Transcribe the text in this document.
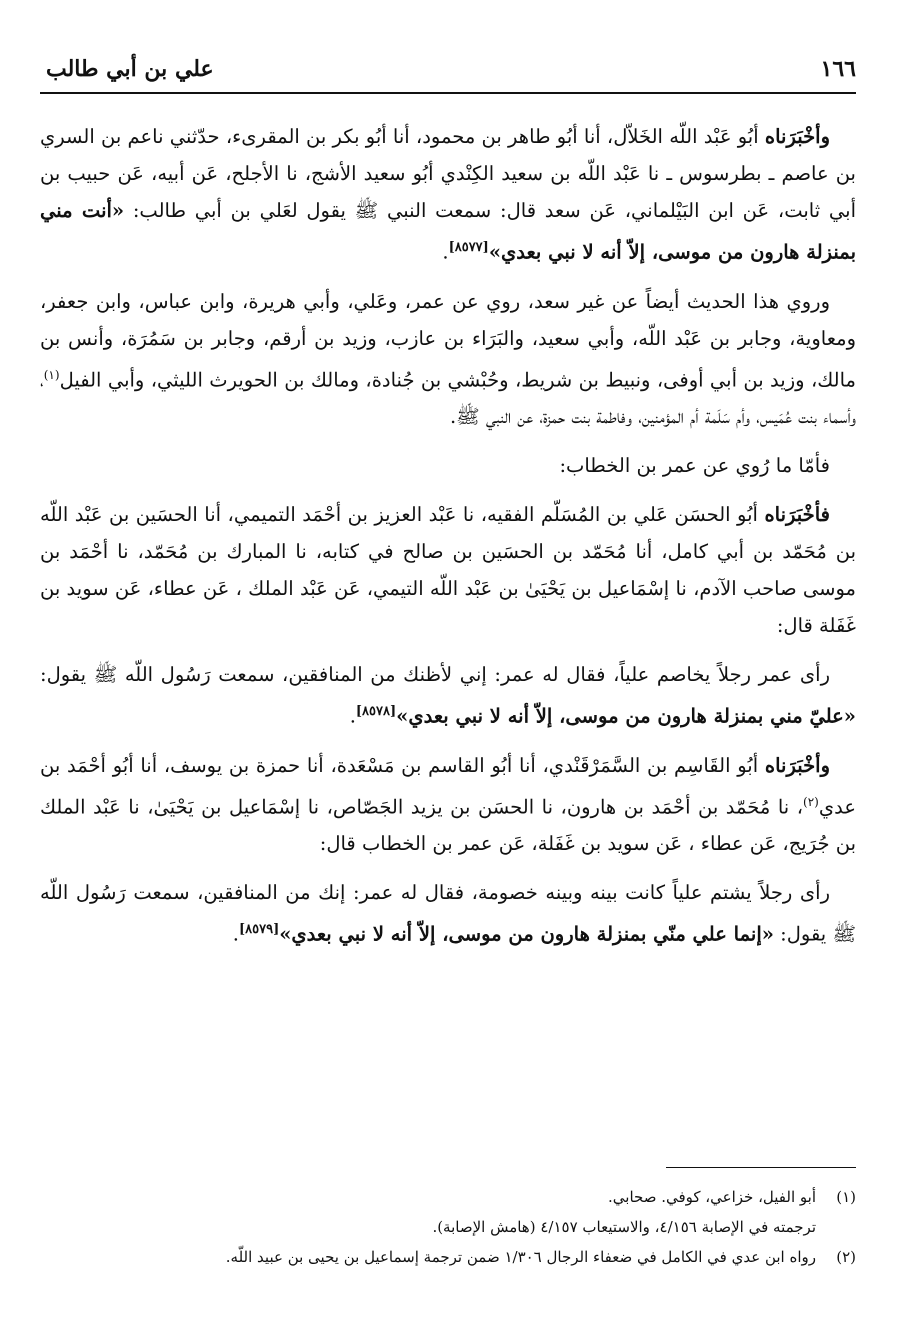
١٦٦
علي بن أبي طالب

وأخْبَرَناه أبُو عَبْد اللّه الخَلاّل، أنا أبُو طاهر بن محمود، أنا أبُو بكر بن المقرىء، حدّثني ناعم بن السري بن عاصم ـ بطرسوس ـ نا عَبْد اللّه بن سعيد الكِنْدي أبُو سعيد الأشج، نا الأجلح، عَن أبيه، عَن حبيب بن أبي ثابت، عَن ابن البَيْلماني، عَن سعد قال: سمعت النبي ﷺ يقول لعَلي بن أبي طالب: «أنت مني بمنزلة هارون من موسى، إلاّ أنه لا نبي بعدي»[٨٥٧٧].

وروي هذا الحديث أيضاً عن غير سعد، روي عن عمر، وعَلي، وأبي هريرة، وابن عباس، وابن جعفر، ومعاوية، وجابر بن عَبْد اللّه، وأبي سعيد، والبَرَاء بن عازب، وزيد بن أرقم، وجابر بن سَمُرَة، وأنس بن مالك، وزيد بن أبي أوفى، ونبيط بن شريط، وحُبْشي بن جُنادة، ومالك بن الحويرث الليثي، وأبي الفيل$^{(١)}$، وأسماء بنت عُمَيس، وأم سَلَمة أم المؤمنين، وفاطمة بنت حمزة، عن النبي ﷺ.

فأمّا ما رُوي عن عمر بن الخطاب:

فأخْبَرَناه أبُو الحسَن عَلي بن المُسَلّم الفقيه، نا عَبْد العزيز بن أحْمَد التميمي، أنا الحسَين بن عَبْد اللّه بن مُحَمّد بن أبي كامل، أنا مُحَمّد بن الحسَين بن صالح في كتابه، نا المبارك بن مُحَمّد، نا أحْمَد بن موسى صاحب الآدم، نا إسْمَاعيل بن يَحْيَىٰ بن عَبْد اللّه التيمي، عَن عَبْد الملك ، عَن عطاء، عَن سويد بن غَفَلة قال:

رأى عمر رجلاً يخاصم علياً، فقال له عمر: إني لأظنك من المنافقين، سمعت رَسُول اللّه ﷺ يقول: «عليّ مني بمنزلة هارون من موسى، إلاّ أنه لا نبي بعدي»[٨٥٧٨].

وأخْبَرَناه أبُو القَاسِم بن السَّمَرْقَنْدي، أنا أبُو القاسم بن مَسْعَدة، أنا حمزة بن يوسف، أنا أبُو أحْمَد بن عدي$^{(٢)}$، نا مُحَمّد بن أحْمَد بن هارون، نا الحسَن بن يزيد الجَصّاص، نا إسْمَاعيل بن يَحْيَىٰ، نا عَبْد الملك بن جُرَيج، عَن عطاء ، عَن سويد بن غَفَلة، عَن عمر بن الخطاب قال:

رأى رجلاً يشتم علياً كانت بينه وبينه خصومة، فقال له عمر: إنك من المنافقين، سمعت رَسُول اللّه ﷺ يقول: «إنما علي منّي بمنزلة هارون من موسى، إلاّ أنه لا نبي بعدي»[٨٥٧٩].

(١)
أبو الفيل، خزاعي، كوفي. صحابي.
ترجمته في الإصابة ٤/١٥٦، والاستيعاب ٤/١٥٧ (هامش الإصابة).
(٢)
رواه ابن عدي في الكامل في ضعفاء الرجال ١/٣٠٦ ضمن ترجمة إسماعيل بن يحيى بن عبيد اللّه.
